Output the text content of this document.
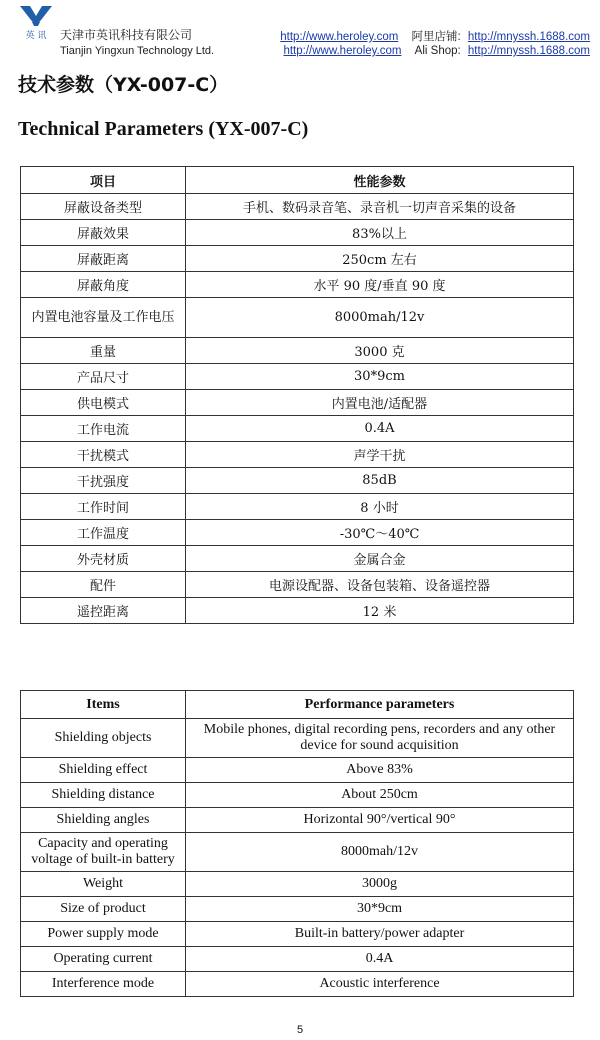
英 讯 天津市英讯科技有限公司
Tianjin Yingxun Technology Ltd.
http://www.heroley.com 阿里店铺: http://mnyssh.1688.com
http://www.heroley.com Ali Shop: http://mnyssh.1688.com
技术参数（YX-007-C）
Technical Parameters (YX-007-C)
项目	性能参数
屏蔽设备类型	手机、数码录音笔、录音机一切声音采集的设备
屏蔽效果	83%以上
屏蔽距离	250cm 左右
屏蔽角度	水平 90 度/垂直 90 度
内置电池容量及工作电压	8000mah/12v
重量	3000 克
产品尺寸	30*9cm
供电模式	内置电池/适配器
工作电流	0.4A
干扰模式	声学干扰
干扰强度	85dB
工作时间	8 小时
工作温度	-30℃～40℃
外壳材质	金属合金
配件	电源设配器、设备包装箱、设备遥控器
遥控距离	12 米
Items	Performance parameters
Shielding objects	Mobile phones, digital recording pens, recorders and any other device for sound acquisition
Shielding effect	Above 83%
Shielding distance	About 250cm
Shielding angles	Horizontal 90°/vertical 90°
Capacity and operating voltage of built-in battery	8000mah/12v
Weight	3000g
Size of product	30*9cm
Power supply mode	Built-in battery/power adapter
Operating current	0.4A
Interference mode	Acoustic interference
5
